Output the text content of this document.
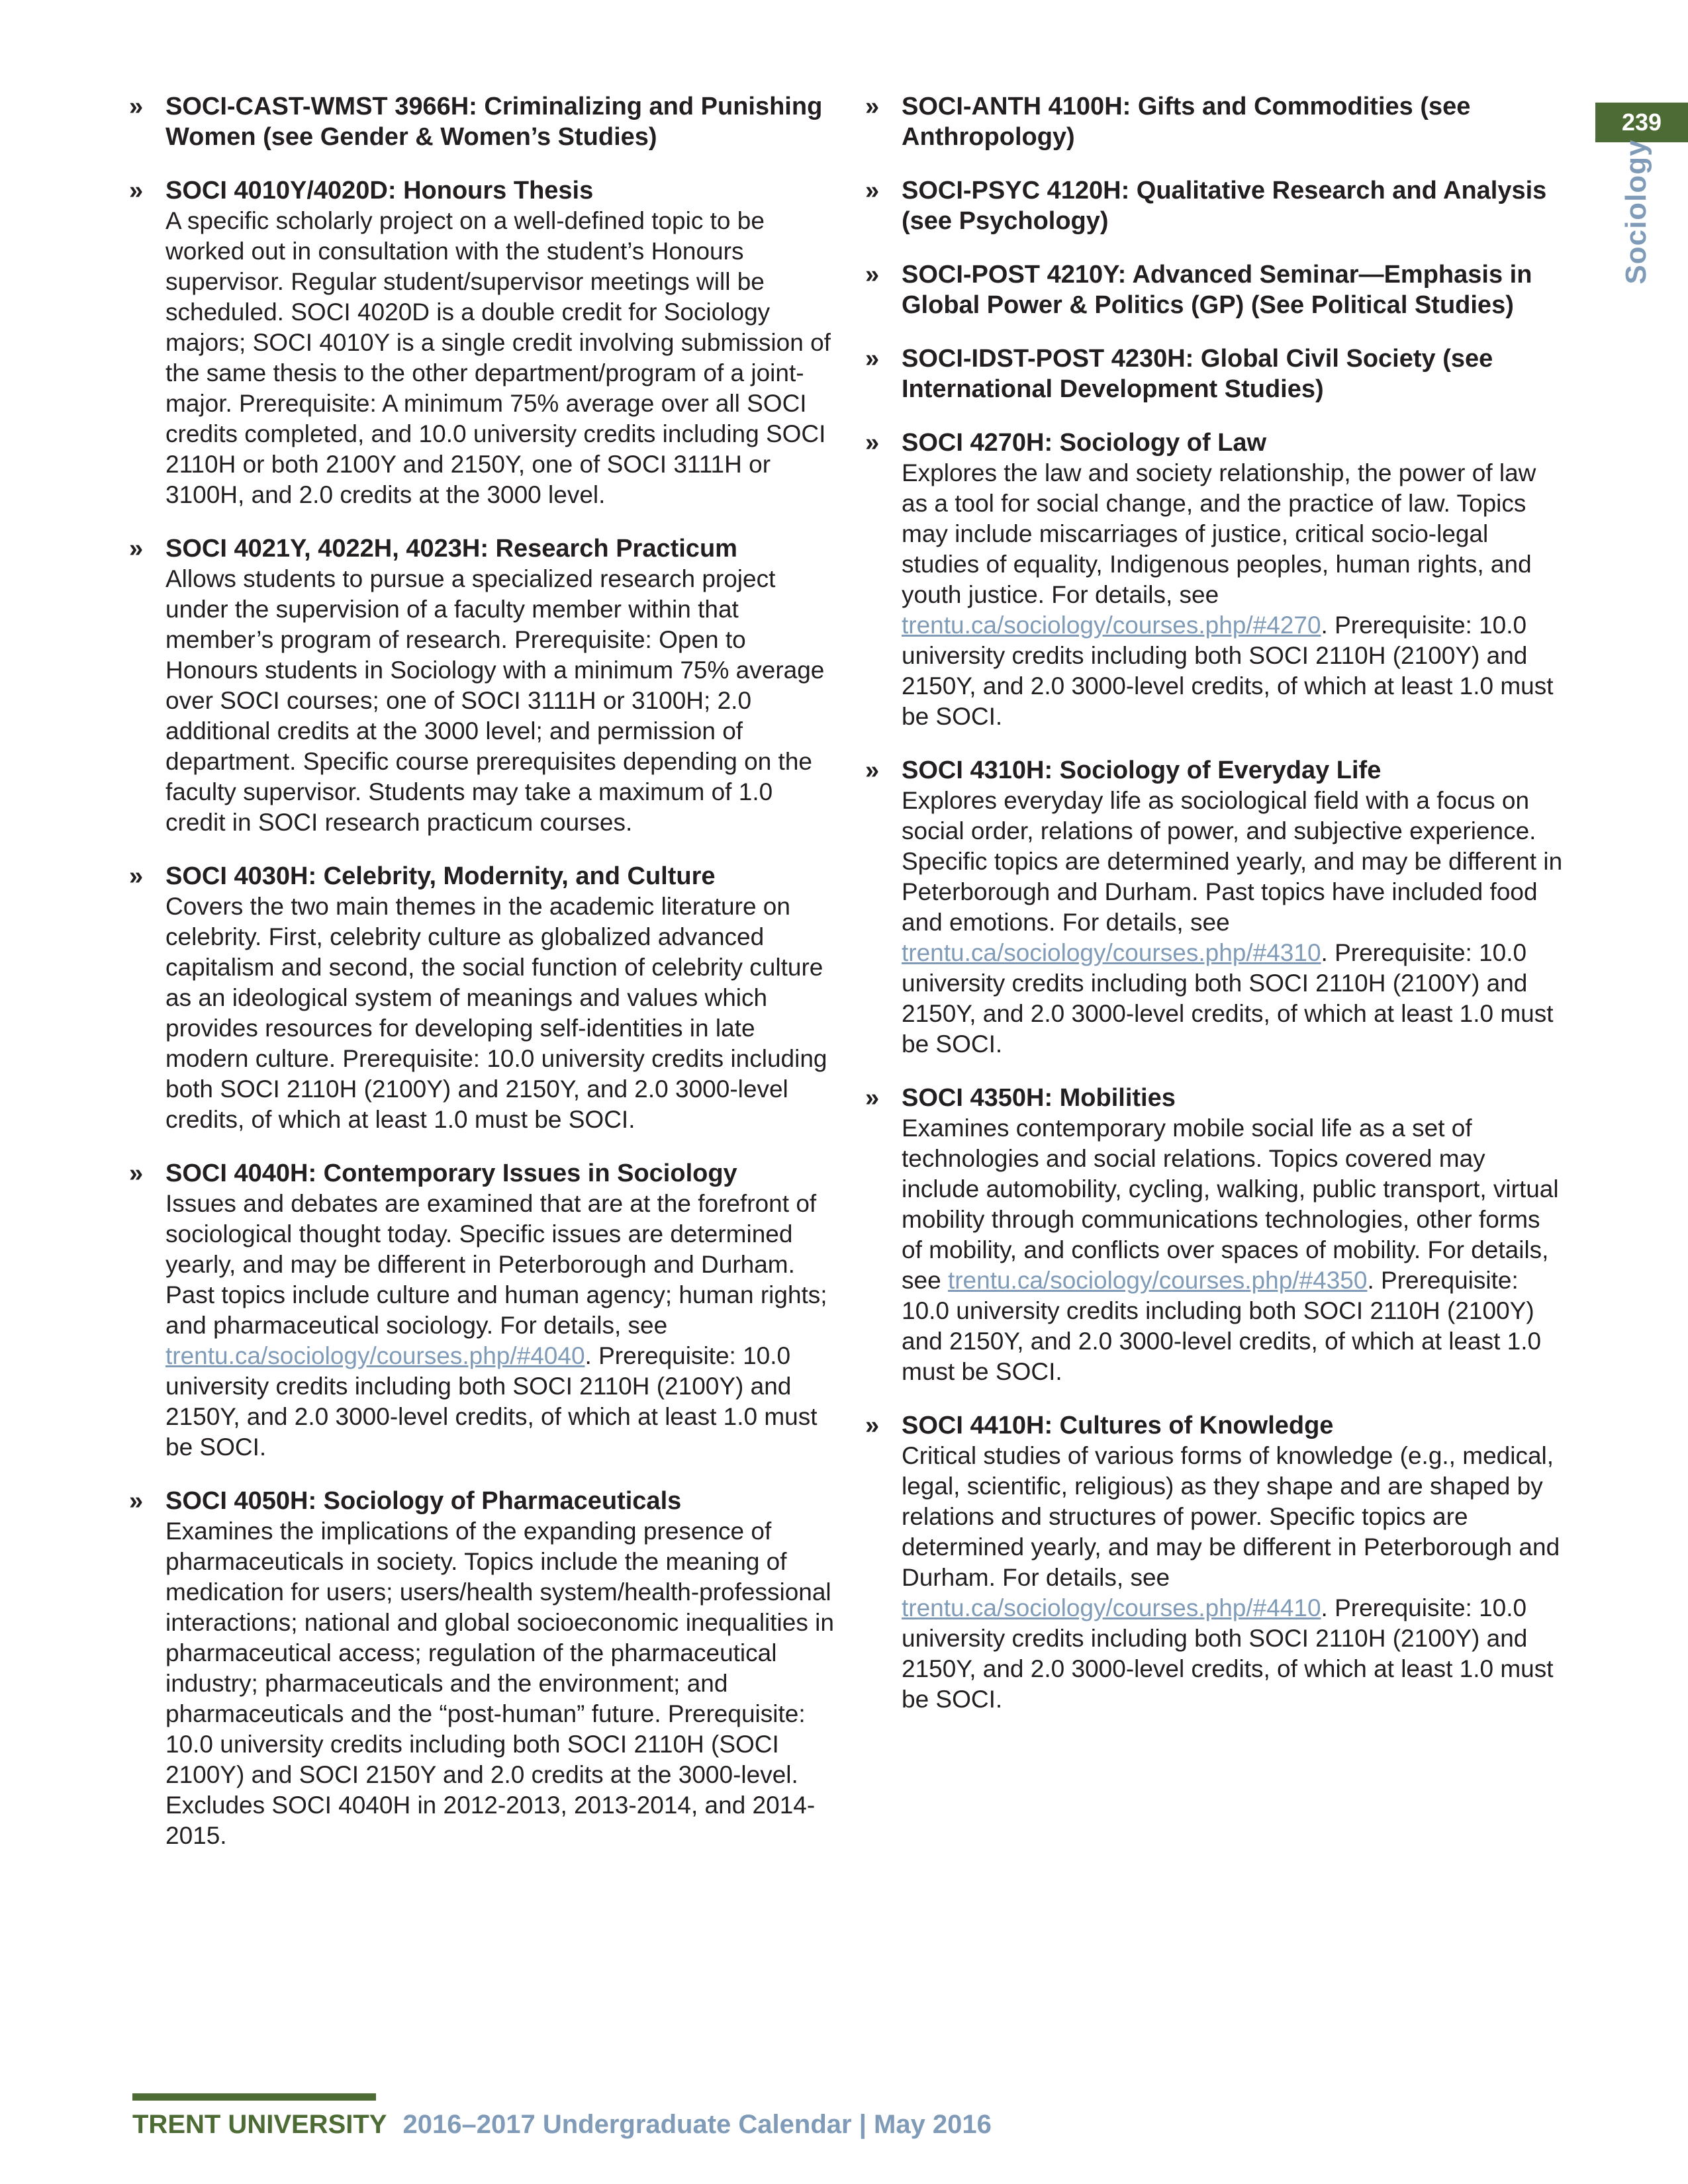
239
Sociology
» SOCI-CAST-WMST 3966H: Criminalizing and Punishing Women (see Gender & Women’s Studies)
» SOCI 4010Y/4020D: Honours Thesis
A specific scholarly project on a well-defined topic to be worked out in consultation with the student’s Honours supervisor. Regular student/supervisor meetings will be scheduled. SOCI 4020D is a double credit for Sociology majors; SOCI 4010Y is a single credit involving submission of the same thesis to the other department/program of a joint-major. Prerequisite: A minimum 75% average over all SOCI credits completed, and 10.0 university credits including SOCI 2110H or both 2100Y and 2150Y, one of SOCI 3111H or 3100H, and 2.0 credits at the 3000 level.
» SOCI 4021Y, 4022H, 4023H: Research Practicum
Allows students to pursue a specialized research project under the supervision of a faculty member within that member’s program of research. Prerequisite: Open to Honours students in Sociology with a minimum 75% average over SOCI courses; one of SOCI 3111H or 3100H; 2.0 additional credits at the 3000 level; and permission of department. Specific course prerequisites depending on the faculty supervisor. Students may take a maximum of 1.0 credit in SOCI research practicum courses.
» SOCI 4030H: Celebrity, Modernity, and Culture
Covers the two main themes in the academic literature on celebrity. First, celebrity culture as globalized advanced capitalism and second, the social function of celebrity culture as an ideological system of meanings and values which provides resources for developing self-identities in late modern culture. Prerequisite: 10.0 university credits including both SOCI 2110H (2100Y) and 2150Y, and 2.0 3000-level credits, of which at least 1.0 must be SOCI.
» SOCI 4040H: Contemporary Issues in Sociology
Issues and debates are examined that are at the forefront of sociological thought today. Specific issues are determined yearly, and may be different in Peterborough and Durham. Past topics include culture and human agency; human rights; and pharmaceutical sociology. For details, see trentu.ca/sociology/courses.php/#4040. Prerequisite: 10.0 university credits including both SOCI 2110H (2100Y) and 2150Y, and 2.0 3000-level credits, of which at least 1.0 must be SOCI.
» SOCI 4050H: Sociology of Pharmaceuticals
Examines the implications of the expanding presence of pharmaceuticals in society. Topics include the meaning of medication for users; users/health system/health-professional interactions; national and global socioeconomic inequalities in pharmaceutical access; regulation of the pharmaceutical industry; pharmaceuticals and the environment; and pharmaceuticals and the “post-human” future. Prerequisite: 10.0 university credits including both SOCI 2110H (SOCI 2100Y) and SOCI 2150Y and 2.0 credits at the 3000-level. Excludes SOCI 4040H in 2012-2013, 2013-2014, and 2014-2015.
» SOCI-ANTH 4100H: Gifts and Commodities (see Anthropology)
» SOCI-PSYC 4120H: Qualitative Research and Analysis (see Psychology)
» SOCI-POST 4210Y: Advanced Seminar—Emphasis in Global Power & Politics (GP) (See Political Studies)
» SOCI-IDST-POST 4230H: Global Civil Society (see International Development Studies)
» SOCI 4270H: Sociology of Law
Explores the law and society relationship, the power of law as a tool for social change, and the practice of law. Topics may include miscarriages of justice, critical socio-legal studies of equality, Indigenous peoples, human rights, and youth justice. For details, see trentu.ca/sociology/courses.php/#4270. Prerequisite: 10.0 university credits including both SOCI 2110H (2100Y) and 2150Y, and 2.0 3000-level credits, of which at least 1.0 must be SOCI.
» SOCI 4310H: Sociology of Everyday Life
Explores everyday life as sociological field with a focus on social order, relations of power, and subjective experience. Specific topics are determined yearly, and may be different in Peterborough and Durham. Past topics have included food and emotions. For details, see trentu.ca/sociology/courses.php/#4310. Prerequisite: 10.0 university credits including both SOCI 2110H (2100Y) and 2150Y, and 2.0 3000-level credits, of which at least 1.0 must be SOCI.
» SOCI 4350H: Mobilities
Examines contemporary mobile social life as a set of technologies and social relations. Topics covered may include automobility, cycling, walking, public transport, virtual mobility through communications technologies, other forms of mobility, and conflicts over spaces of mobility. For details, see trentu.ca/sociology/courses.php/#4350. Prerequisite: 10.0 university credits including both SOCI 2110H (2100Y) and 2150Y, and 2.0 3000-level credits, of which at least 1.0 must be SOCI.
» SOCI 4410H: Cultures of Knowledge
Critical studies of various forms of knowledge (e.g., medical, legal, scientific, religious) as they shape and are shaped by relations and structures of power. Specific topics are determined yearly, and may be different in Peterborough and Durham. For details, see trentu.ca/sociology/courses.php/#4410. Prerequisite: 10.0 university credits including both SOCI 2110H (2100Y) and 2150Y, and 2.0 3000-level credits, of which at least 1.0 must be SOCI.
TRENT UNIVERSITY 2016–2017 Undergraduate Calendar | May 2016
